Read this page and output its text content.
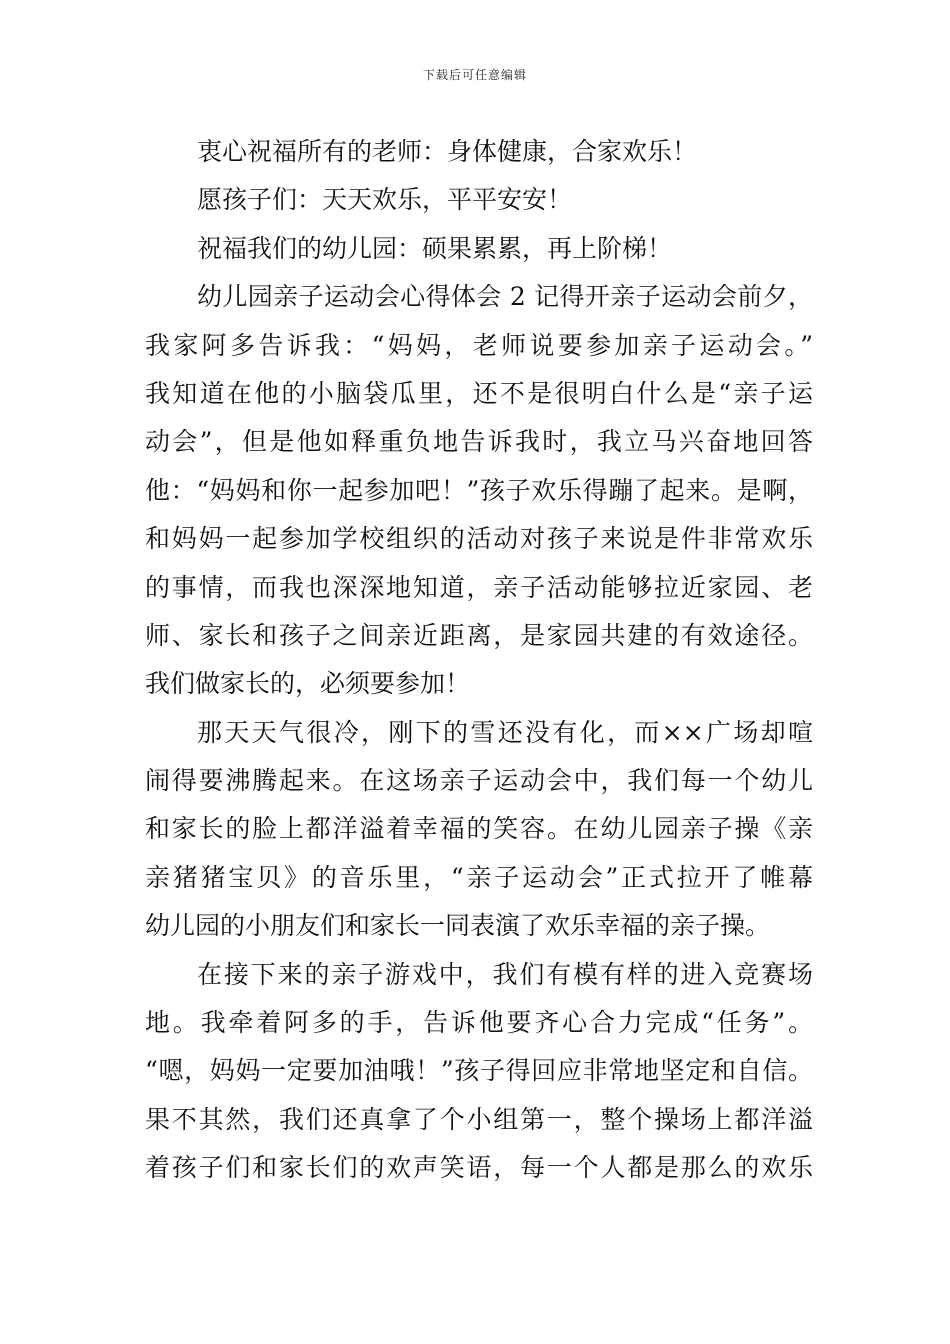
下载后可任意编辑
衷心祝福所有的老师：身体健康，合家欢乐！
愿孩子们：天天欢乐，平平安安！
祝福我们的幼儿园：硕果累累，再上阶梯！
幼儿园亲子运动会心得体会 2 记得开亲子运动会前夕，
我家阿多告诉我：“妈妈，老师说要参加亲子运动会。”
我知道在他的小脑袋瓜里，还不是很明白什么是“亲子运
动会”，但是他如释重负地告诉我时，我立马兴奋地回答
他：“妈妈和你一起参加吧！”孩子欢乐得蹦了起来。是啊，
和妈妈一起参加学校组织的活动对孩子来说是件非常欢乐
的事情，而我也深深地知道，亲子活动能够拉近家园、老
师、家长和孩子之间亲近距离，是家园共建的有效途径。
我们做家长的，必须要参加！
那天天气很冷，刚下的雪还没有化，而××广场却喧
闹得要沸腾起来。在这场亲子运动会中，我们每一个幼儿
和家长的脸上都洋溢着幸福的笑容。在幼儿园亲子操《亲
亲猪猪宝贝》的音乐里，“亲子运动会”正式拉开了帷幕
幼儿园的小朋友们和家长一同表演了欢乐幸福的亲子操。
在接下来的亲子游戏中，我们有模有样的进入竞赛场
地。我牵着阿多的手，告诉他要齐心合力完成“任务”。
“嗯，妈妈一定要加油哦！”孩子得回应非常地坚定和自信。
果不其然，我们还真拿了个小组第一，整个操场上都洋溢
着孩子们和家长们的欢声笑语，每一个人都是那么的欢乐
